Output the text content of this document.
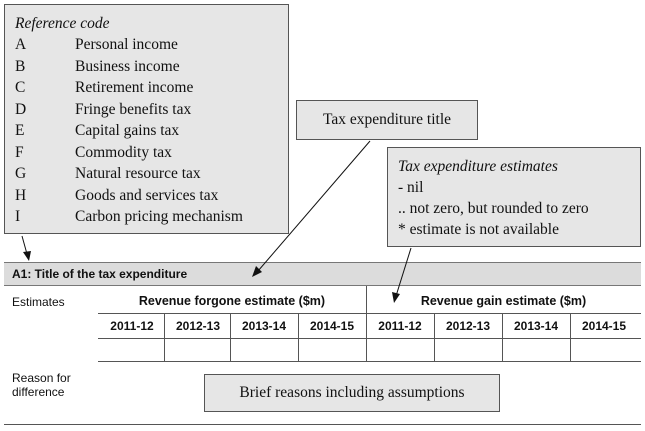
Reference code
A	Personal income
B	Business income
C	Retirement income
D	Fringe benefits tax
E	Capital gains tax
F	Commodity tax
G	Natural resource tax
H	Goods and services tax
I	Carbon pricing mechanism
Tax expenditure title
Tax expenditure estimates
- nil
.. not zero, but rounded to zero
* estimate is not available
A1: Title of the tax expenditure
Estimates
Reason for
difference
Revenue forgone estimate ($m)	Revenue gain estimate ($m)
2011-12	2012-13	2013-14	2014-15	2011-12	2012-13	2013-14	2014-15
Brief reasons including assumptions
